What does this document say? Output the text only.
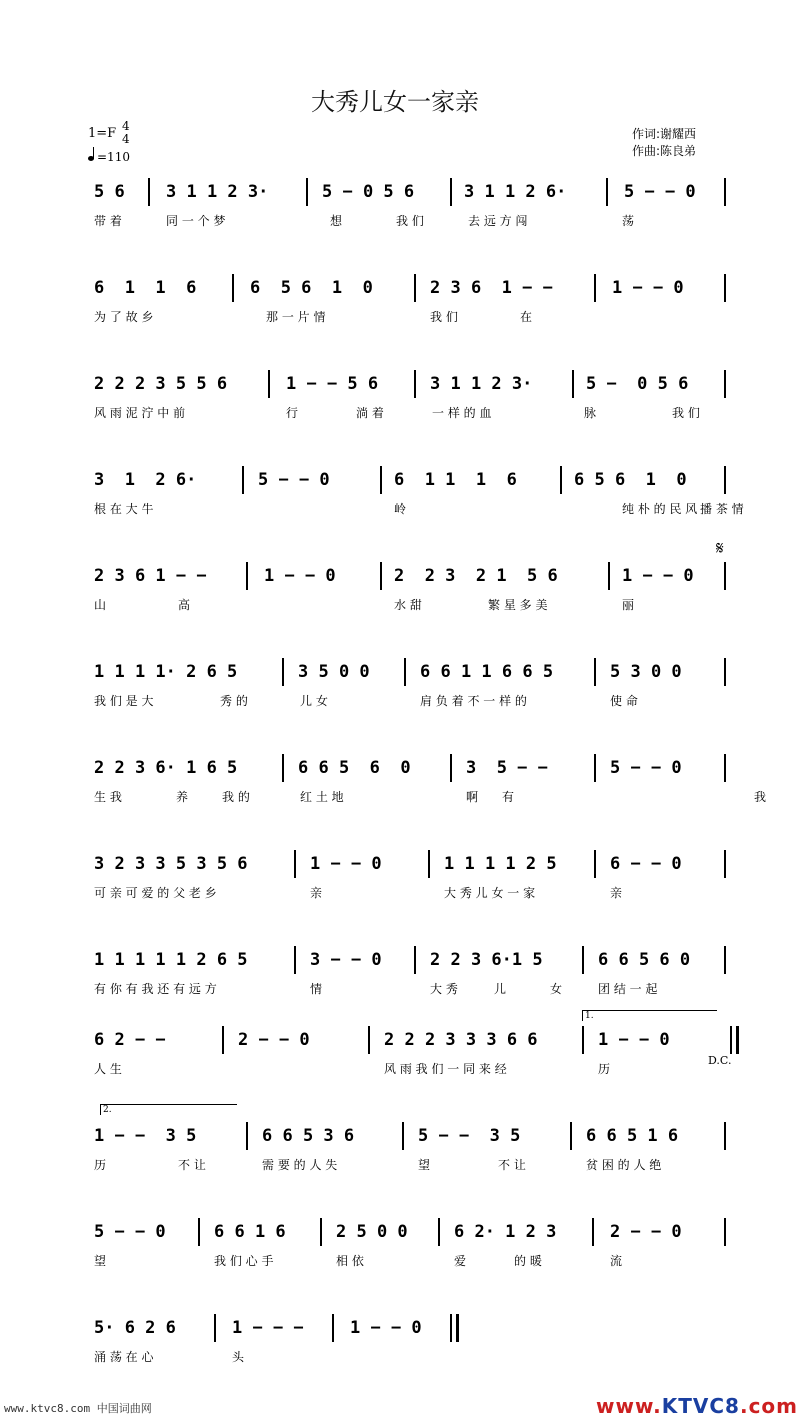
大秀儿女一家亲
1=F 4
4
=110
作词:谢耀西
作曲:陈良弟
𝄋
D.C.
1.
2.
5 6 3 1 1 2 3·	5 − 0 5 6	3 1 1 2 6·	5 − − 0
带 着	同 一 个 梦	想	我 们	去 远 方 闯	荡
6  1  1  6	6  5 6  1  0	2 3 6  1 − −	1 − − 0
为 了 故 乡	那 一 片 情	我 们	在
2 2 2 3 5 5 6	1 − − 5 6	3 1 1 2 3·	5 −  0 5 6
风 雨 泥 泞 中 前	行	淌 着	一 样 的 血	脉	我 们
3  1  2 6·	5 − − 0	6  1 1  1  6	6 5 6  1  0
根 在 大 牛	岭	纯 朴 的 民 风 播 茶 情
2 3 6 1 − −	1 − − 0	2  2 3  2 1  5 6	1 − − 0
山	高	水 甜	繁 星 多 美	丽
1 1 1 1· 2 6 5	3 5 0 0	6 6 1 1 6 6 5	5 3 0 0
我 们 是 大	秀 的	儿 女	肩 负 着 不 一 样 的	使 命
2 2 3 6· 1 6 5	6 6 5  6  0	3  5 − −	5 − − 0
生 我	养	我 的	红 土 地	啊 有	我
3 2 3 3 5 3 5 6	1 − − 0	1 1 1 1 2 5	6 − − 0
可 亲 可 爱 的 父 老 乡	亲	大 秀 儿 女 一 家	亲
1 1 1 1 1 2 6 5	3 − − 0	2 2 3 6·1 5	6 6 5 6 0
有 你 有 我 还 有 远 方	情	大 秀	儿	女	团 结 一 起
6 2 − −	2 − − 0	2 2 2 3 3 3 6 6	1 − − 0
人 生	风 雨 我 们 一 同 来 经	历
1 − −  3 5	6 6 5 3 6	5 − −  3 5	6 6 5 1 6
历	不 让	需 要 的 人 失	望	不 让	贫 困 的 人 绝
5 − − 0	6 6 1 6	2 5 0 0	6 2· 1 2 3	2 − − 0
望	我 们 心 手	相 依	爱	的 暖	流
5· 6 2 6	1 − − −	1 − − 0
涌 荡 在 心	头
www.ktvc8.com 中国词曲网	www.KTVC8.com
